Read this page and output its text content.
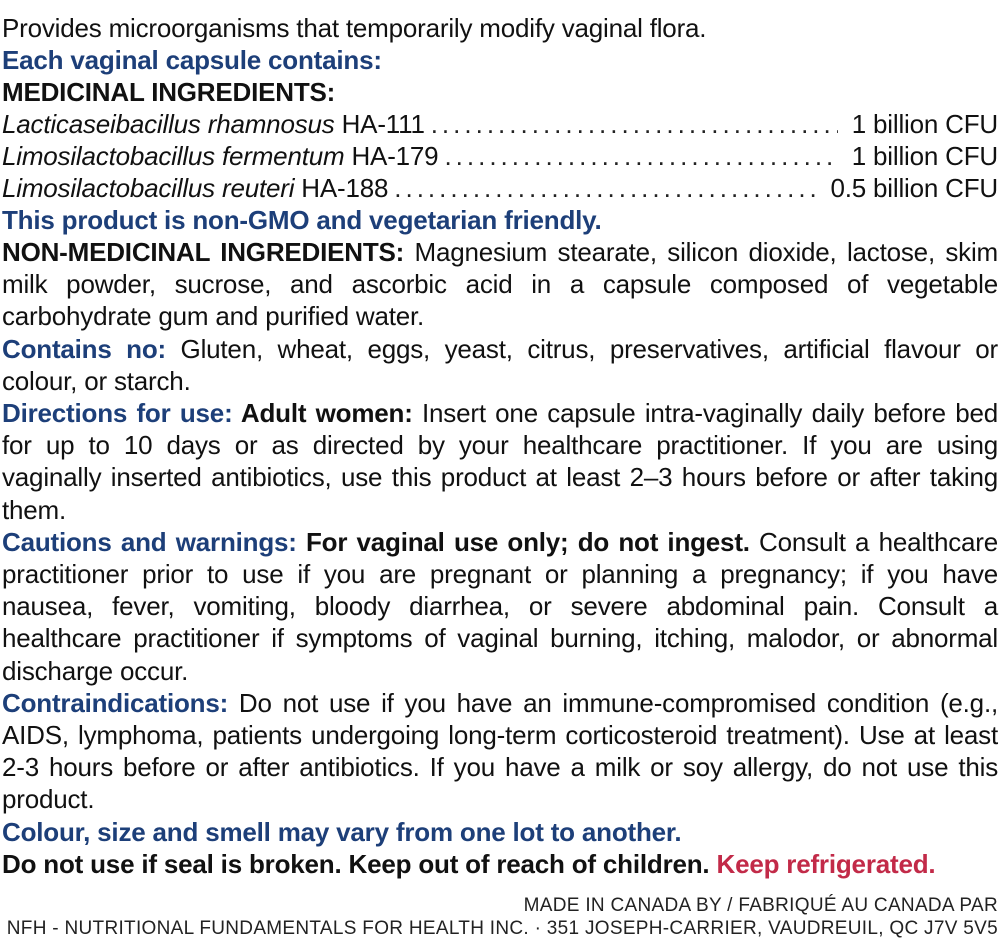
Provides microorganisms that temporarily modify vaginal flora.
Each vaginal capsule contains:
MEDICINAL INGREDIENTS:
Lacticaseibacillus rhamnosus HA-111 .....	1 billion CFU
Limosilactobacillus fermentum HA-179 .....	1 billion CFU
Limosilactobacillus reuteri HA-188 .....	0.5 billion CFU
This product is non-GMO and vegetarian friendly.
NON-MEDICINAL INGREDIENTS: Magnesium stearate, silicon dioxide, lactose, skim milk powder, sucrose, and ascorbic acid in a capsule composed of vegetable carbohydrate gum and purified water.
Contains no: Gluten, wheat, eggs, yeast, citrus, preservatives, artificial flavour or colour, or starch.
Directions for use: Adult women: Insert one capsule intra-vaginally daily before bed for up to 10 days or as directed by your healthcare practitioner. If you are using vaginally inserted antibiotics, use this product at least 2–3 hours before or after taking them.
Cautions and warnings: For vaginal use only; do not ingest. Consult a healthcare practitioner prior to use if you are pregnant or planning a pregnancy; if you have nausea, fever, vomiting, bloody diarrhea, or severe abdominal pain. Consult a healthcare practitioner if symptoms of vaginal burning, itching, malodor, or abnormal discharge occur.
Contraindications: Do not use if you have an immune-compromised condition (e.g., AIDS, lymphoma, patients undergoing long-term corticosteroid treatment). Use at least 2-3 hours before or after antibiotics. If you have a milk or soy allergy, do not use this product.
Colour, size and smell may vary from one lot to another.
Do not use if seal is broken. Keep out of reach of children. Keep refrigerated.
MADE IN CANADA BY / FABRIQUÉ AU CANADA PAR
NFH - NUTRITIONAL FUNDAMENTALS FOR HEALTH INC. · 351 JOSEPH-CARRIER, VAUDREUIL, QC J7V 5V5
